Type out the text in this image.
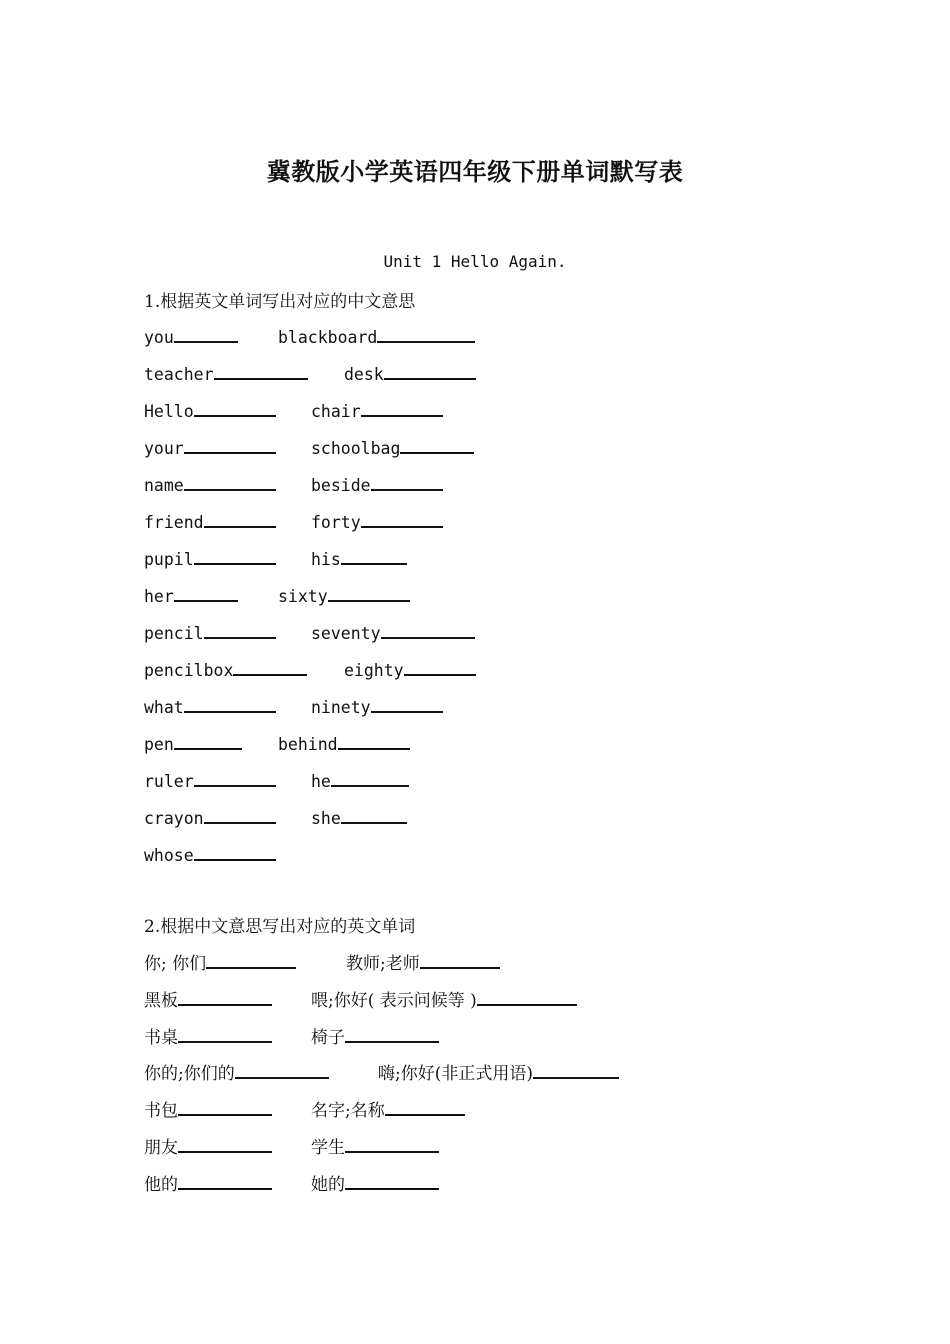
冀教版小学英语四年级下册单词默写表
Unit 1 Hello Again.
1.根据英文单词写出对应的中文意思
you	blackboard
teacher	desk
Hello	chair
your	schoolbag
name	beside
friend	forty
pupil	his
her	sixty
pencil	seventy
pencilbox	eighty
what	ninety
pen	behind
ruler	he
crayon	she
whose
2.根据中文意思写出对应的英文单词
你; 你们	教师;老师
黑板	喂;你好( 表示问候等 )
书桌	椅子
你的;你们的	嗨;你好(非正式用语)
书包	名字;名称
朋友	学生
他的	她的
